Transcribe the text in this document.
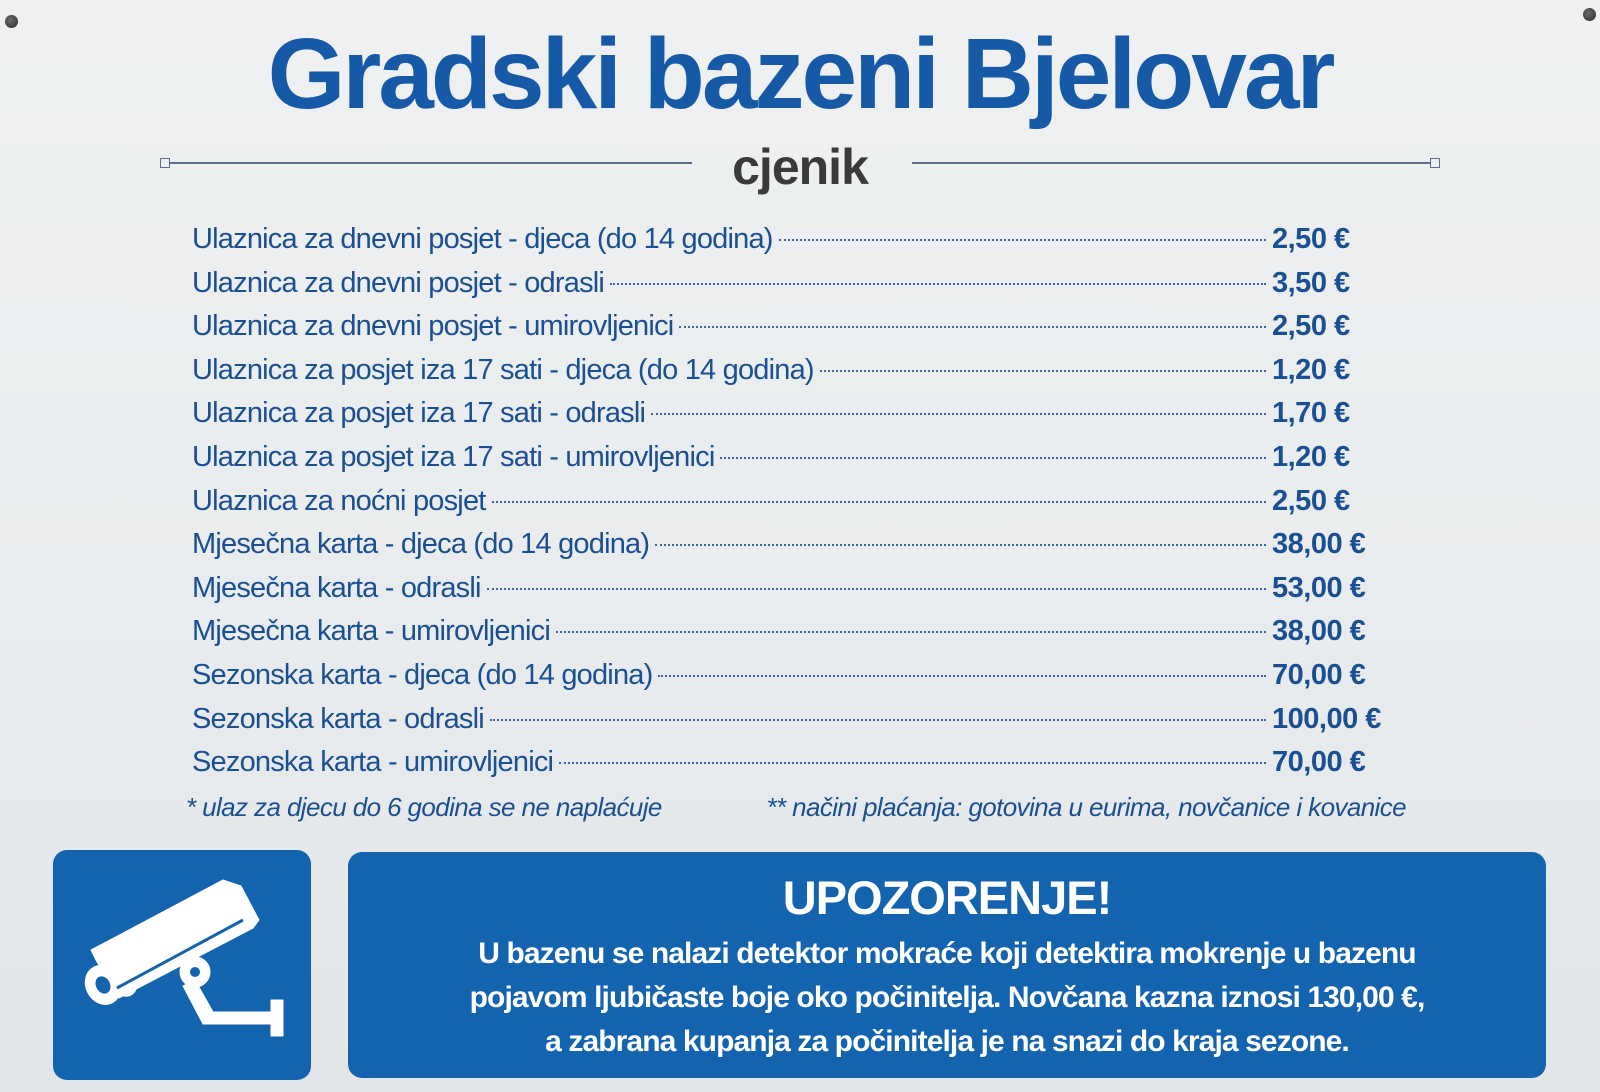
Gradski bazeni Bjelovar
cjenik
Ulaznica za dnevni posjet - djeca (do 14 godina)	2,50 €
Ulaznica za dnevni posjet - odrasli	3,50 €
Ulaznica za dnevni posjet - umirovljenici	2,50 €
Ulaznica za posjet iza 17 sati - djeca (do 14 godina)	1,20 €
Ulaznica za posjet iza 17 sati - odrasli	1,70 €
Ulaznica za posjet iza 17 sati - umirovljenici	1,20 €
Ulaznica za noćni posjet	2,50 €
Mjesečna karta - djeca (do 14 godina)	38,00 €
Mjesečna karta - odrasli	53,00 €
Mjesečna karta - umirovljenici	38,00 €
Sezonska karta - djeca (do 14 godina)	70,00 €
Sezonska karta - odrasli	100,00 €
Sezonska karta - umirovljenici	70,00 €
* ulaz za djecu do 6 godina se ne naplaćuje	** načini plaćanja: gotovina u eurima, novčanice i kovanice
UPOZORENJE!
U bazenu se nalazi detektor mokraće koji detektira mokrenje u bazenu
pojavom ljubičaste boje oko počinitelja. Novčana kazna iznosi 130,00 €,
a zabrana kupanja za počinitelja je na snazi do kraja sezone.
